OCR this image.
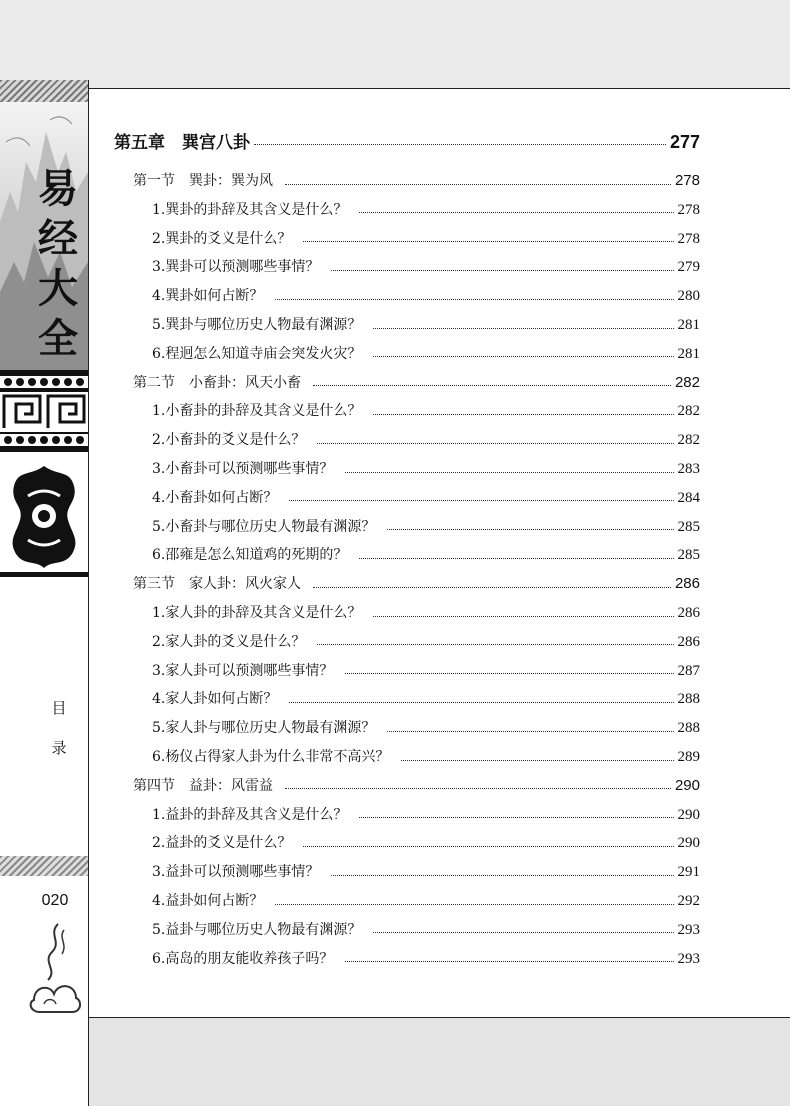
易
经
大
全
目
录
020
第五章　巽宫八卦	277
第一节　巽卦：巽为风	278
1.巽卦的卦辞及其含义是什么？	278
2.巽卦的爻义是什么？	278
3.巽卦可以预测哪些事情？	279
4.巽卦如何占断？	280
5.巽卦与哪位历史人物最有渊源？	281
6.程迥怎么知道寺庙会突发火灾？	281
第二节　小畜卦：风天小畜	282
1.小畜卦的卦辞及其含义是什么？	282
2.小畜卦的爻义是什么？	282
3.小畜卦可以预测哪些事情？	283
4.小畜卦如何占断？	284
5.小畜卦与哪位历史人物最有渊源？	285
6.邵雍是怎么知道鸡的死期的？	285
第三节　家人卦：风火家人	286
1.家人卦的卦辞及其含义是什么？	286
2.家人卦的爻义是什么？	286
3.家人卦可以预测哪些事情？	287
4.家人卦如何占断？	288
5.家人卦与哪位历史人物最有渊源？	288
6.杨仪占得家人卦为什么非常不高兴？	289
第四节　益卦：风雷益	290
1.益卦的卦辞及其含义是什么？	290
2.益卦的爻义是什么？	290
3.益卦可以预测哪些事情？	291
4.益卦如何占断？	292
5.益卦与哪位历史人物最有渊源？	293
6.高岛的朋友能收养孩子吗？	293
